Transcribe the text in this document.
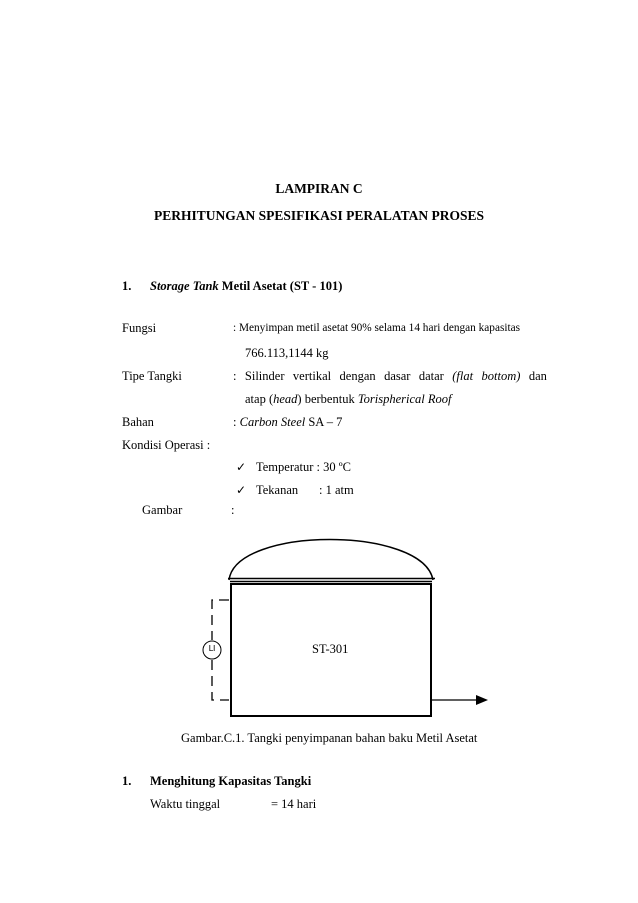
LAMPIRAN C
PERHITUNGAN SPESIFIKASI PERALATAN PROSES
1. Storage Tank Metil Asetat (ST - 101)
Fungsi	: Menyimpan metil asetat 90% selama 14 hari dengan kapasitas
766.113,1144 kg
Tipe Tangki	: Silinder vertikal dengan dasar datar (flat bottom) dan
atap (head) berbentuk Torispherical Roof
Bahan	: Carbon Steel SA – 7
Kondisi Operasi :
✓ Temperatur : 30 ºC
✓ Tekanan : 1 atm
Gambar	:
LI	ST-301
Gambar.C.1. Tangki penyimpanan bahan baku Metil Asetat
1. Menghitung Kapasitas Tangki
Waktu tinggal	= 14 hari
